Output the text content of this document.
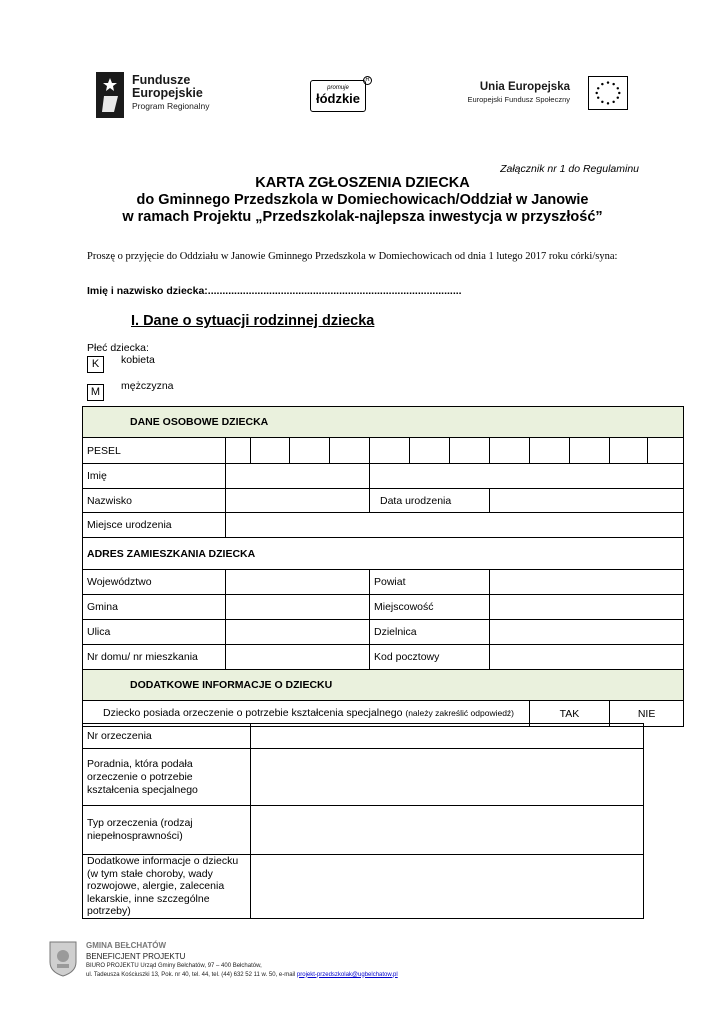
Fundusze
Europejskie
Program Regionalny
promuje
łódzkie
R
Unia Europejska
Europejski Fundusz Społeczny
Załącznik nr 1 do Regulaminu
KARTA ZGŁOSZENIA DZIECKA
do Gminnego Przedszkola w Domiechowicach/Oddział w Janowie
w ramach Projektu „Przedszkolak-najlepsza inwestycja w przyszłość”
Proszę o przyjęcie do Oddziału w Janowie Gminnego Przedszkola w Domiechowicach od dnia 1 lutego 2017 roku córki/syna:
Imię i nazwisko dziecka:.......................................................................................
I. Dane o sytuacji rodzinnej dziecka
Płeć dziecka:
K	kobieta
M	mężczyzna
DANE OSOBOWE DZIECKA												
PESEL												
Imię												
Nazwisko					Data urodzenia							
Miejsce urodzenia												
ADRES ZAMIESZKANIA DZIECKA												
Województwo					Powiat							
Gmina					Miejscowość							
Ulica					Dzielnica							
Nr domu/ nr mieszkania					Kod pocztowy							
DODATKOWE INFORMACJE O DZIECKU												
Dziecko posiada orzeczenie o potrzebie kształcenia specjalnego (należy zakreślić odpowiedź)									TAK		NIE	
Nr orzeczenia	
Poradnia, która podała orzeczenie o potrzebie kształcenia specjalnego	
Typ orzeczenia (rodzaj niepełnosprawności)	
Dodatkowe informacje o dziecku (w tym stałe choroby, wady rozwojowe, alergie, zalecenia lekarskie, inne szczególne potrzeby)	
GMINA BEŁCHATÓW
BENEFICJENT PROJEKTU
BIURO PROJEKTU Urząd Gminy Bełchatów, 97 – 400 Bełchatów,
ul. Tadeusza Kościuszki 13, Pok. nr 40, tel. 44, tel. (44) 632 52 11 w. 50, e-mail projekt-przedszkolak@ugbelchatow.pl
